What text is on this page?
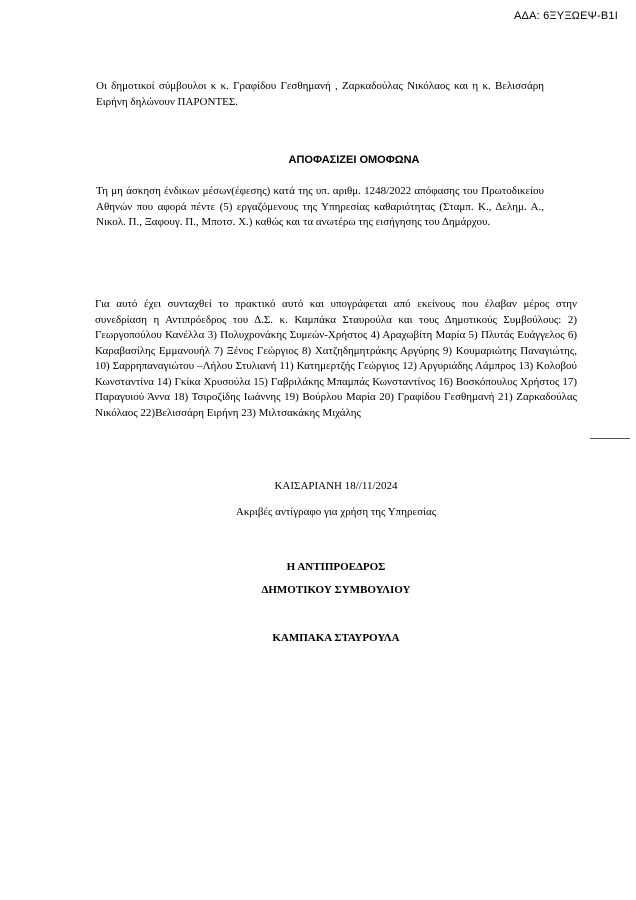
ΑΔΑ: 6ΞΥΞΩΕΨ-Β1Ι
Οι δημοτικοί σύμβουλοι κ κ. Γραφίδου Γεσθημανή , Ζαρκαδούλας Νικόλαος και η κ. Βελισσάρη Ειρήνη δηλώνουν ΠΑΡΟΝΤΕΣ.
ΑΠΟΦΑΣΙΖΕΙ ΟΜΟΦΩΝΑ
Τη μη άσκηση ένδικων μέσων(έφεσης) κατά της υπ. αριθμ. 1248/2022 απόφασης του Πρωτοδικείου Αθηνών που αφορά πέντε (5) εργαζόμενους της Υπηρεσίας καθαριότητας (Σταμπ. Κ., Δελημ. Α., Νικολ. Π., Ξαφουγ. Π., Μποτσ. Χ.) καθώς και τα ανωτέρω της εισήγησης του Δημάρχου.
Για αυτό έχει συνταχθεί το πρακτικό αυτό και υπογράφεται από εκείνους που έλαβαν μέρος στην συνεδρίαση η Αντιπρόεδρος του Δ.Σ. κ. Καμπάκα Σταυρούλα και τους Δημοτικούς Συμβούλους: 2) Γεωργοπούλου Κανέλλα 3) Πολυχρονάκης Συμεών-Χρήστος 4) Αραχωβίτη Μαρία 5) Πλυτάς Ευάγγελος 6) Καραβασίλης Εμμανουήλ 7) Ξένος Γεώργιος 8) Χατζηδημητράκης Αργύρης 9) Κουμαριώτης Παναγιώτης, 10) Σαρρηπαναγιώτου –Λήλου Στυλιανή 11) Κατημερτζής Γεώργιος 12) Αργυριάδης Λάμπρος 13) Κολοβού Κωνσταντίνα 14) Γκίκα Χρυσούλα 15) Γαβριλάκης Μπαμπάς Κωνσταντίνος 16) Βοσκόπουλος Χρήστος 17) Παραγυιού Άννα 18) Τσιροζίδης Ιωάννης 19) Βούρλου Μαρία 20) Γραφίδου Γεσθημανή 21) Ζαρκαδούλας Νικόλαος 22)Βελισσάρη Ειρήνη 23) Μιλτσακάκης Μιχάλης
ΚΑΙΣΑΡΙΑΝΗ 18//11/2024
Ακριβές αντίγραφο για χρήση της Υπηρεσίας
Η ΑΝΤΙΠΡΟΕΔΡΟΣ
ΔΗΜΟΤΙΚΟΥ ΣΥΜΒΟΥΛΙΟΥ
ΚΑΜΠΑΚΑ ΣΤΑΥΡΟΥΛΑ
